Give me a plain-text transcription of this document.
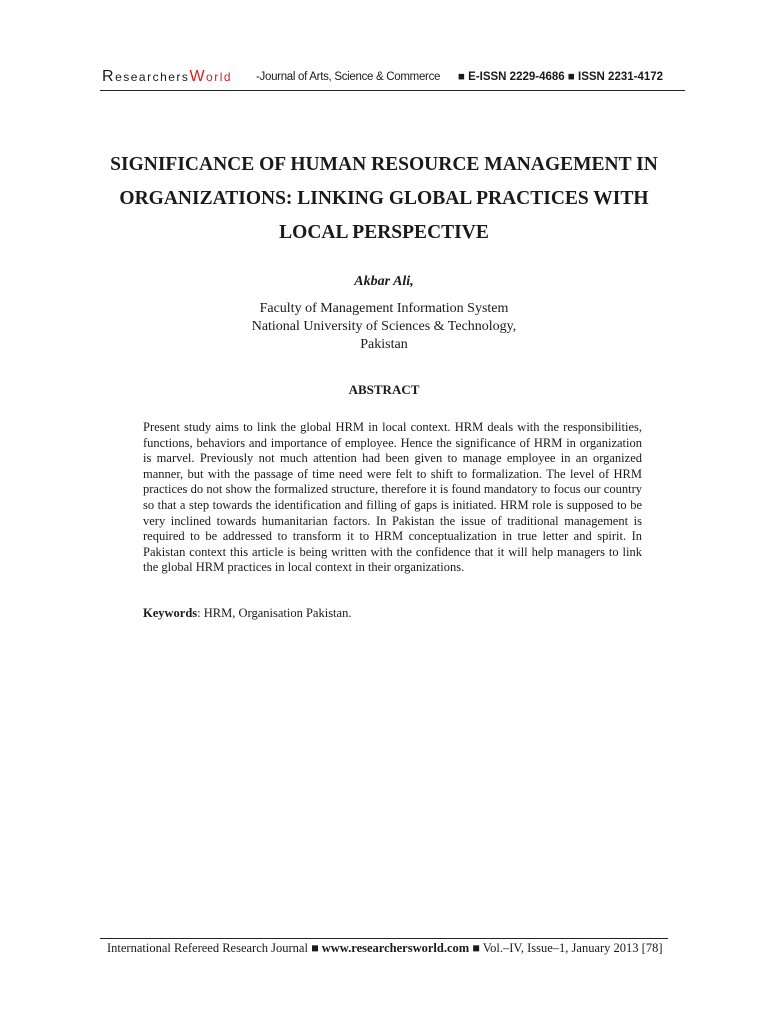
ResearchersWorld -Journal of Arts, Science & Commerce ■ E-ISSN 2229-4686 ■ ISSN 2231-4172
SIGNIFICANCE OF HUMAN RESOURCE MANAGEMENT IN
ORGANIZATIONS: LINKING GLOBAL PRACTICES WITH
LOCAL PERSPECTIVE
Akbar Ali,
Faculty of Management Information System
National University of Sciences & Technology,
Pakistan
ABSTRACT

Present study aims to link the global HRM in local context. HRM deals with the responsibilities, functions, behaviors and importance of employee. Hence the significance of HRM in organization is marvel. Previously not much attention had been given to manage employee in an organized manner, but with the passage of time need were felt to shift to formalization. The level of HRM practices do not show the formalized structure, therefore it is found mandatory to focus our country so that a step towards the identification and filling of gaps is initiated. HRM role is supposed to be very inclined towards humanitarian factors. In Pakistan the issue of traditional management is required to be addressed to transform it to HRM conceptualization in true letter and spirit. In Pakistan context this article is being written with the confidence that it will help managers to link the global HRM practices in local context in their organizations.

Keywords: HRM, Organisation Pakistan.
International Refereed Research Journal ■ www.researchersworld.com ■ Vol.–IV, Issue–1, January 2013 [78]
